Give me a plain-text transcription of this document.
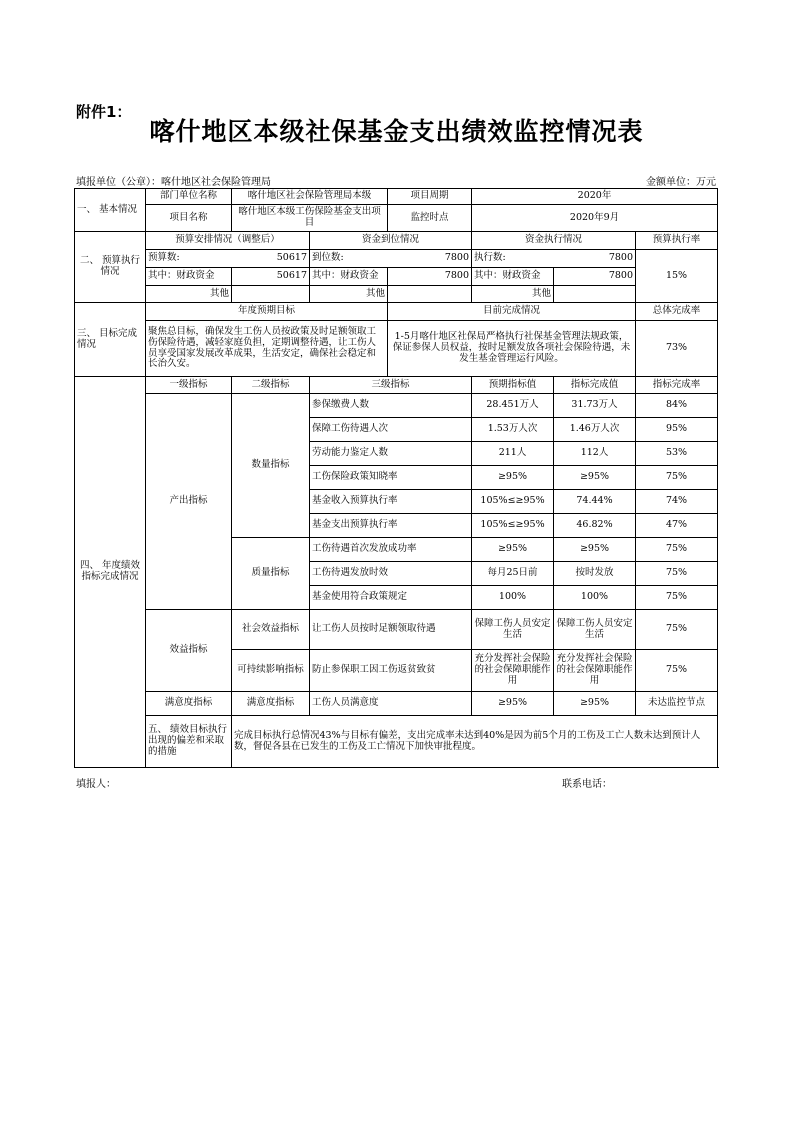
附件1：
喀什地区本级社保基金支出绩效监控情况表
填报单位（公章）：喀什地区社会保险管理局	金额单位：万元
一、 基本情况	部门单位名称	喀什地区社会保险管理局本级		项目周期	2020年		
	项目名称	喀什地区本级工伤保险基金支出项目		监控时点	2020年9月		
二、 预算执行情况	预算安排情况（调整后）		资金到位情况		资金执行情况		预算执行率
	预算数:	50617	到位数:	7800	执行数:	7800	15%
	其中：财政资金	50617	其中：财政资金	7800	其中：财政资金	7800	
	其他		其他		其他		
三、 目标完成情况	年度预期目标			目前完成情况			总体完成率
	聚焦总目标，确保发生工伤人员按政策及时足额领取工伤保险待遇，减轻家庭负担，定期调整待遇，让工伤人员享受国家发展改革成果，生活安定，确保社会稳定和长治久安。			1-5月喀什地区社保局严格执行社保基金管理法规政策，保证参保人员权益，按时足额发放各项社会保险待遇，未发生基金管理运行风险。			73%
四、 年度绩效指标完成情况	一级指标	二级指标	三级指标		预期指标值	指标完成值	指标完成率
	产出指标	数量指标	参保缴费人数		28.451万人	31.73万人	84%
			保障工伤待遇人次		1.53万人次	1.46万人次	95%
			劳动能力鉴定人数		211人	112人	53%
			工伤保险政策知晓率		≥95%	≥95%	75%
			基金收入预算执行率		105%≤≥95%	74.44%	74%
			基金支出预算执行率		105%≤≥95%	46.82%	47%
		质量指标	工伤待遇首次发放成功率		≥95%	≥95%	75%
			工伤待遇发放时效		每月25日前	按时发放	75%
			基金使用符合政策规定		100%	100%	75%
	效益指标	社会效益指标	让工伤人员按时足额领取待遇		保障工伤人员安定生活	保障工伤人员安定生活	75%
		可持续影响指标	防止参保职工因工伤返贫致贫		充分发挥社会保险的社会保障职能作用	充分发挥社会保险的社会保障职能作用	75%
	满意度指标	满意度指标	工伤人员满意度		≥95%	≥95%	未达监控节点
	五、 绩效目标执行出现的偏差和采取的措施	完成目标执行总情况43%与目标有偏差，支出完成率未达到40%是因为前5个月的工伤及工亡人数未达到预计人数，督促各县在已发生的工伤及工亡情况下加快审批程度。					
填报人：	联系电话：
